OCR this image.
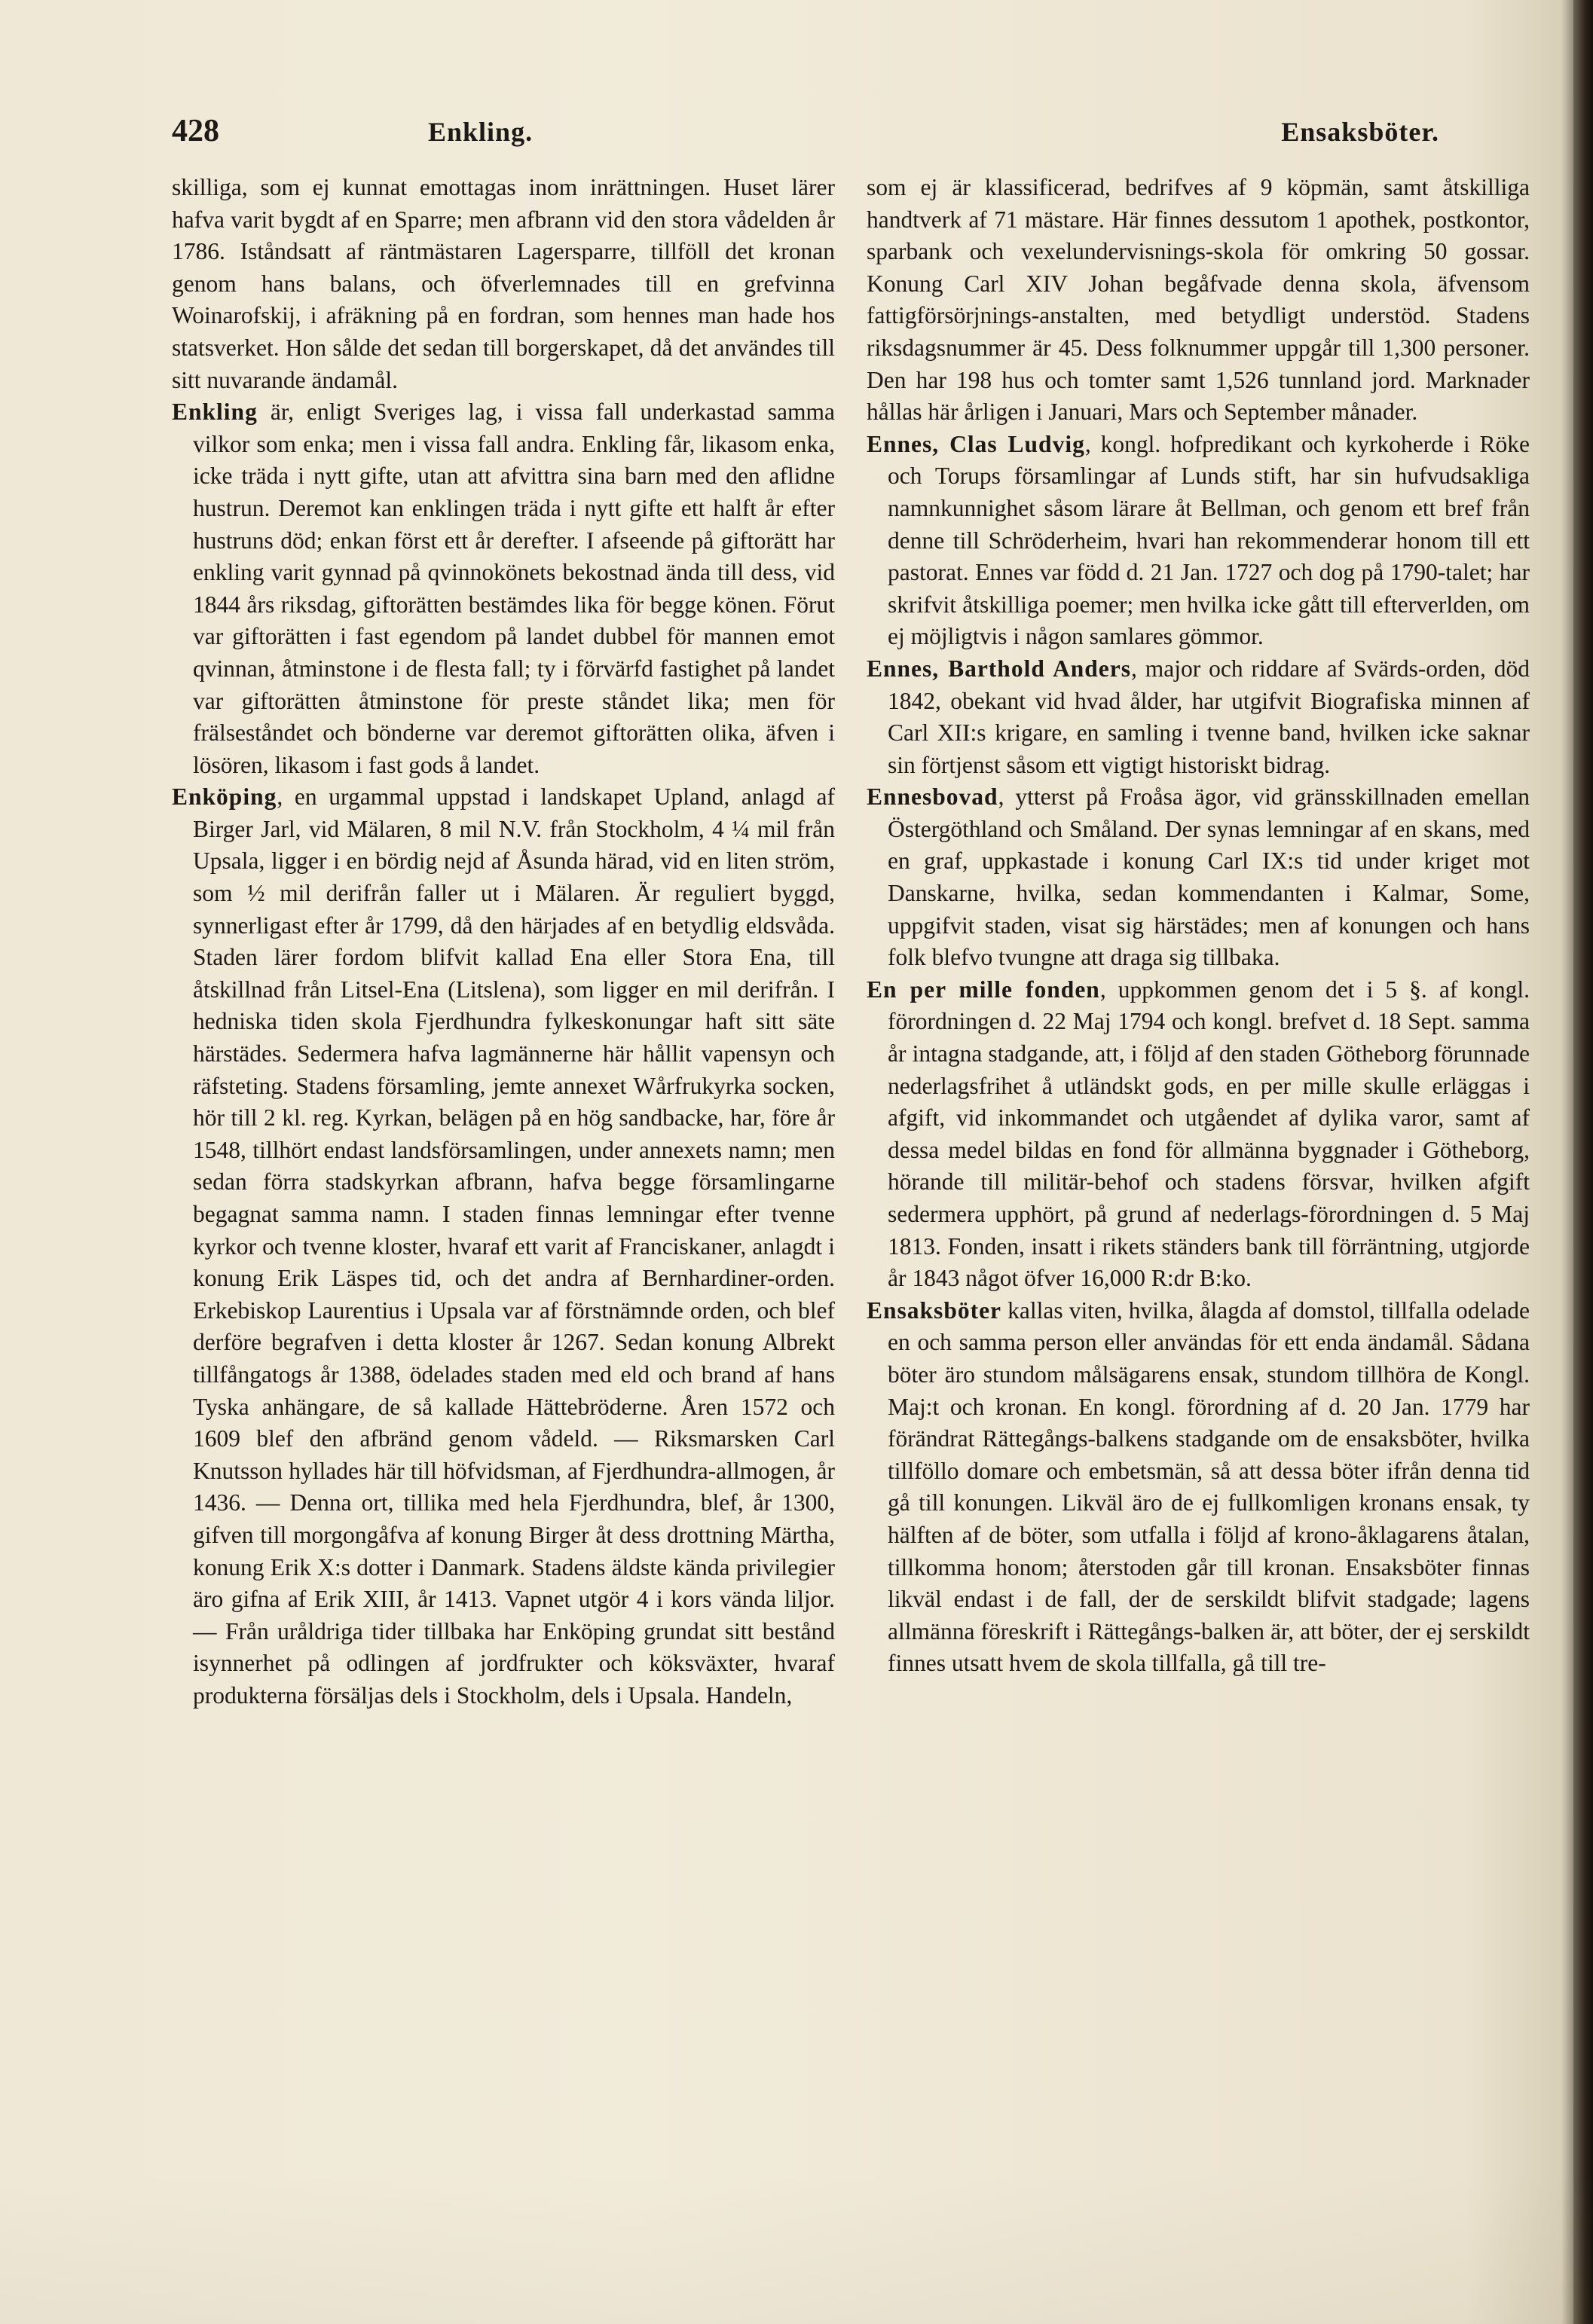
428	Enkling.	Ensaksböter.

skilliga, som ej kunnat emottagas inom inrättningen. Huset lärer hafva varit bygdt af en Sparre; men afbrann vid den stora vådelden år 1786. Iståndsatt af räntmästaren Lagersparre, tillföll det kronan genom hans balans, och öfverlemnades till en grefvinna Woinarofskij, i afräkning på en fordran, som hennes man hade hos statsverket. Hon sålde det sedan till borgerskapet, då det användes till sitt nuvarande ändamål.

Enkling är, enligt Sveriges lag, i vissa fall underkastad samma vilkor som enka; men i vissa fall andra. Enkling får, likasom enka, icke träda i nytt gifte, utan att afvittra sina barn med den aflidne hustrun. Deremot kan enklingen träda i nytt gifte ett halft år efter hustruns död; enkan först ett år derefter. I afseende på giftorätt har enkling varit gynnad på qvinnokönets bekostnad ända till dess, vid 1844 års riksdag, giftorätten bestämdes lika för begge könen. Förut var giftorätten i fast egendom på landet dubbel för mannen emot qvinnan, åtminstone i de flesta fall; ty i förvärfd fastighet på landet var giftorätten åtminstone för preste ståndet lika; men för frälseståndet och bönderne var deremot giftorätten olika, äfven i lösören, likasom i fast gods å landet.

Enköping, en urgammal uppstad i landskapet Upland, anlagd af Birger Jarl, vid Mälaren, 8 mil N.V. från Stockholm, 4 ¼ mil från Upsala, ligger i en bördig nejd af Åsunda härad, vid en liten ström, som ½ mil derifrån faller ut i Mälaren. Är reguliert byggd, synnerligast efter år 1799, då den härjades af en betydlig eldsvåda. Staden lärer fordom blifvit kallad Ena eller Stora Ena, till åtskillnad från Litsel-Ena (Litslena), som ligger en mil derifrån. I hedniska tiden skola Fjerdhundra fylkeskonungar haft sitt säte härstädes. Sedermera hafva lagmännerne här hållit vapensyn och räfsteting. Stadens församling, jemte annexet Wårfrukyrka socken, hör till 2 kl. reg. Kyrkan, belägen på en hög sandbacke, har, före år 1548, tillhört endast landsförsamlingen, under annexets namn; men sedan förra stadskyrkan afbrann, hafva begge församlingarne begagnat samma namn. I staden finnas lemningar efter tvenne kyrkor och tvenne kloster, hvaraf ett varit af Franciskaner, anlagdt i konung Erik Läspes tid, och det andra af Bernhardiner-orden. Erkebiskop Laurentius i Upsala var af förstnämnde orden, och blef derföre begrafven i detta kloster år 1267. Sedan konung Albrekt tillfångatogs år 1388, ödelades staden med eld och brand af hans Tyska anhängare, de så kallade Hättebröderne. Åren 1572 och 1609 blef den afbränd genom vådeld. — Riksmarsken Carl Knutsson hyllades här till höfvidsman, af Fjerdhundra-allmogen, år 1436. — Denna ort, tillika med hela Fjerdhundra, blef, år 1300, gifven till morgongåfva af konung Birger åt dess drottning Märtha, konung Erik X:s dotter i Danmark. Stadens äldste kända privilegier äro gifna af Erik XIII, år 1413. Vapnet utgör 4 i kors vända liljor. — Från uråldriga tider tillbaka har Enköping grundat sitt bestånd isynnerhet på odlingen af jordfrukter och köksväxter, hvaraf produkterna försäljas dels i Stockholm, dels i Upsala. Handeln,

som ej är klassificerad, bedrifves af 9 köpmän, samt åtskilliga handtverk af 71 mästare. Här finnes dessutom 1 apothek, postkontor, sparbank och vexelundervisnings-skola för omkring 50 gossar. Konung Carl XIV Johan begåfvade denna skola, äfvensom fattigförsörjnings-anstalten, med betydligt understöd. Stadens riksdagsnummer är 45. Dess folknummer uppgår till 1,300 personer. Den har 198 hus och tomter samt 1,526 tunnland jord. Marknader hållas här årligen i Januari, Mars och September månader.

Ennes, Clas Ludvig, kongl. hofpredikant och kyrkoherde i Röke och Torups församlingar af Lunds stift, har sin hufvudsakliga namnkunnighet såsom lärare åt Bellman, och genom ett bref från denne till Schröderheim, hvari han rekommenderar honom till ett pastorat. Ennes var född d. 21 Jan. 1727 och dog på 1790-talet; har skrifvit åtskilliga poemer; men hvilka icke gått till efterverlden, om ej möjligtvis i någon samlares gömmor.

Ennes, Barthold Anders, major och riddare af Svärds-orden, död 1842, obekant vid hvad ålder, har utgifvit Biografiska minnen af Carl XII:s krigare, en samling i tvenne band, hvilken icke saknar sin förtjenst såsom ett vigtigt historiskt bidrag.

Ennesbovad, ytterst på Froåsa ägor, vid gränsskillnaden emellan Östergöthland och Småland. Der synas lemningar af en skans, med en graf, uppkastade i konung Carl IX:s tid under kriget mot Danskarne, hvilka, sedan kommendanten i Kalmar, Some, uppgifvit staden, visat sig härstädes; men af konungen och hans folk blefvo tvungne att draga sig tillbaka.

En per mille fonden, uppkommen genom det i 5 §. af kongl. förordningen d. 22 Maj 1794 och kongl. brefvet d. 18 Sept. samma år intagna stadgande, att, i följd af den staden Götheborg förunnade nederlagsfrihet å utländskt gods, en per mille skulle erläggas i afgift, vid inkommandet och utgåendet af dylika varor, samt af dessa medel bildas en fond för allmänna byggnader i Götheborg, hörande till militär-behof och stadens försvar, hvilken afgift sedermera upphört, på grund af nederlags-förordningen d. 5 Maj 1813. Fonden, insatt i rikets ständers bank till förräntning, utgjorde år 1843 något öfver 16,000 R:dr B:ko.

Ensaksböter kallas viten, hvilka, ålagda af domstol, tillfalla odelade en och samma person eller användas för ett enda ändamål. Sådana böter äro stundom målsägarens ensak, stundom tillhöra de Kongl. Maj:t och kronan. En kongl. förordning af d. 20 Jan. 1779 har förändrat Rättegångs-balkens stadgande om de ensaksböter, hvilka tillföllo domare och embetsmän, så att dessa böter ifrån denna tid gå till konungen. Likväl äro de ej fullkomligen kronans ensak, ty hälften af de böter, som utfalla i följd af krono-åklagarens åtalan, tillkomma honom; återstoden går till kronan. Ensaksböter finnas likväl endast i de fall, der de serskildt blifvit stadgade; lagens allmänna föreskrift i Rättegångs-balken är, att böter, der ej serskildt finnes utsatt hvem de skola tillfalla, gå till tre-
